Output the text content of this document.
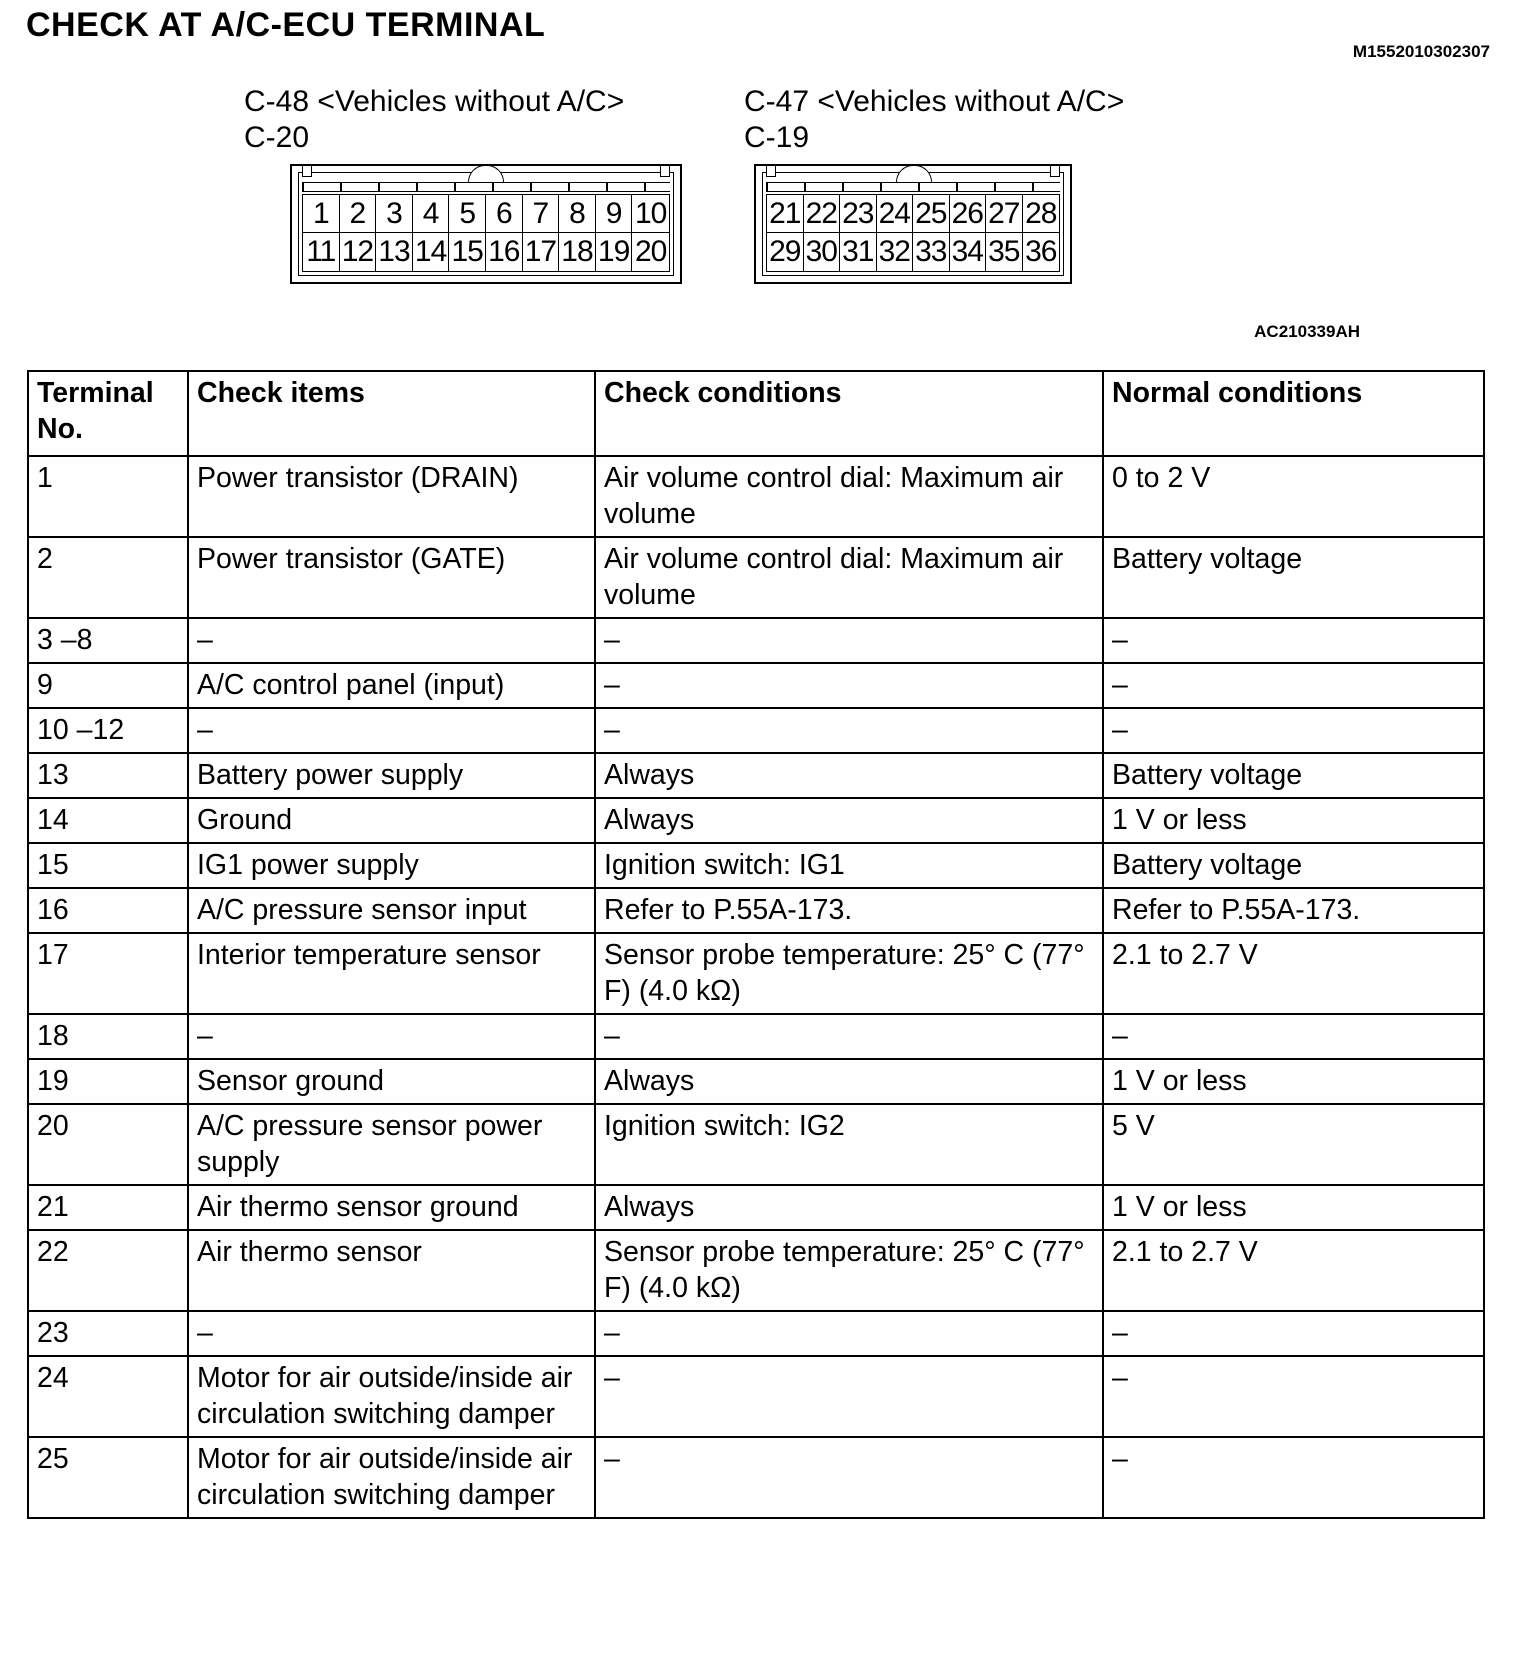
CHECK AT A/C-ECU TERMINAL
M1552010302307
C-48 <Vehicles without A/C>
C-20
1 2 3 4 5 6 7 8 9 10
11 12 13 14 15 16 17 18 19 20
C-47 <Vehicles without A/C>
C-19
21 22 23 24 25 26 27 28
29 30 31 32 33 34 35 36
AC210339AH
Terminal No.	Check items	Check conditions	Normal conditions
1	Power transistor (DRAIN)	Air volume control dial: Maximum air volume	0 to 2 V
2	Power transistor (GATE)	Air volume control dial: Maximum air volume	Battery voltage
3 –8	–	–	–
9	A/C control panel (input)	–	–
10 –12	–	–	–
13	Battery power supply	Always	Battery voltage
14	Ground	Always	1 V or less
15	IG1 power supply	Ignition switch: IG1	Battery voltage
16	A/C pressure sensor input	Refer to P.55A-173.	Refer to P.55A-173.
17	Interior temperature sensor	Sensor probe temperature: 25° C (77° F) (4.0 kΩ)	2.1 to 2.7 V
18	–	–	–
19	Sensor ground	Always	1 V or less
20	A/C pressure sensor power supply	Ignition switch: IG2	5 V
21	Air thermo sensor ground	Always	1 V or less
22	Air thermo sensor	Sensor probe temperature: 25° C (77° F) (4.0 kΩ)	2.1 to 2.7 V
23	–	–	–
24	Motor for air outside/inside air circulation switching damper	–	–
25	Motor for air outside/inside air circulation switching damper	–	–
